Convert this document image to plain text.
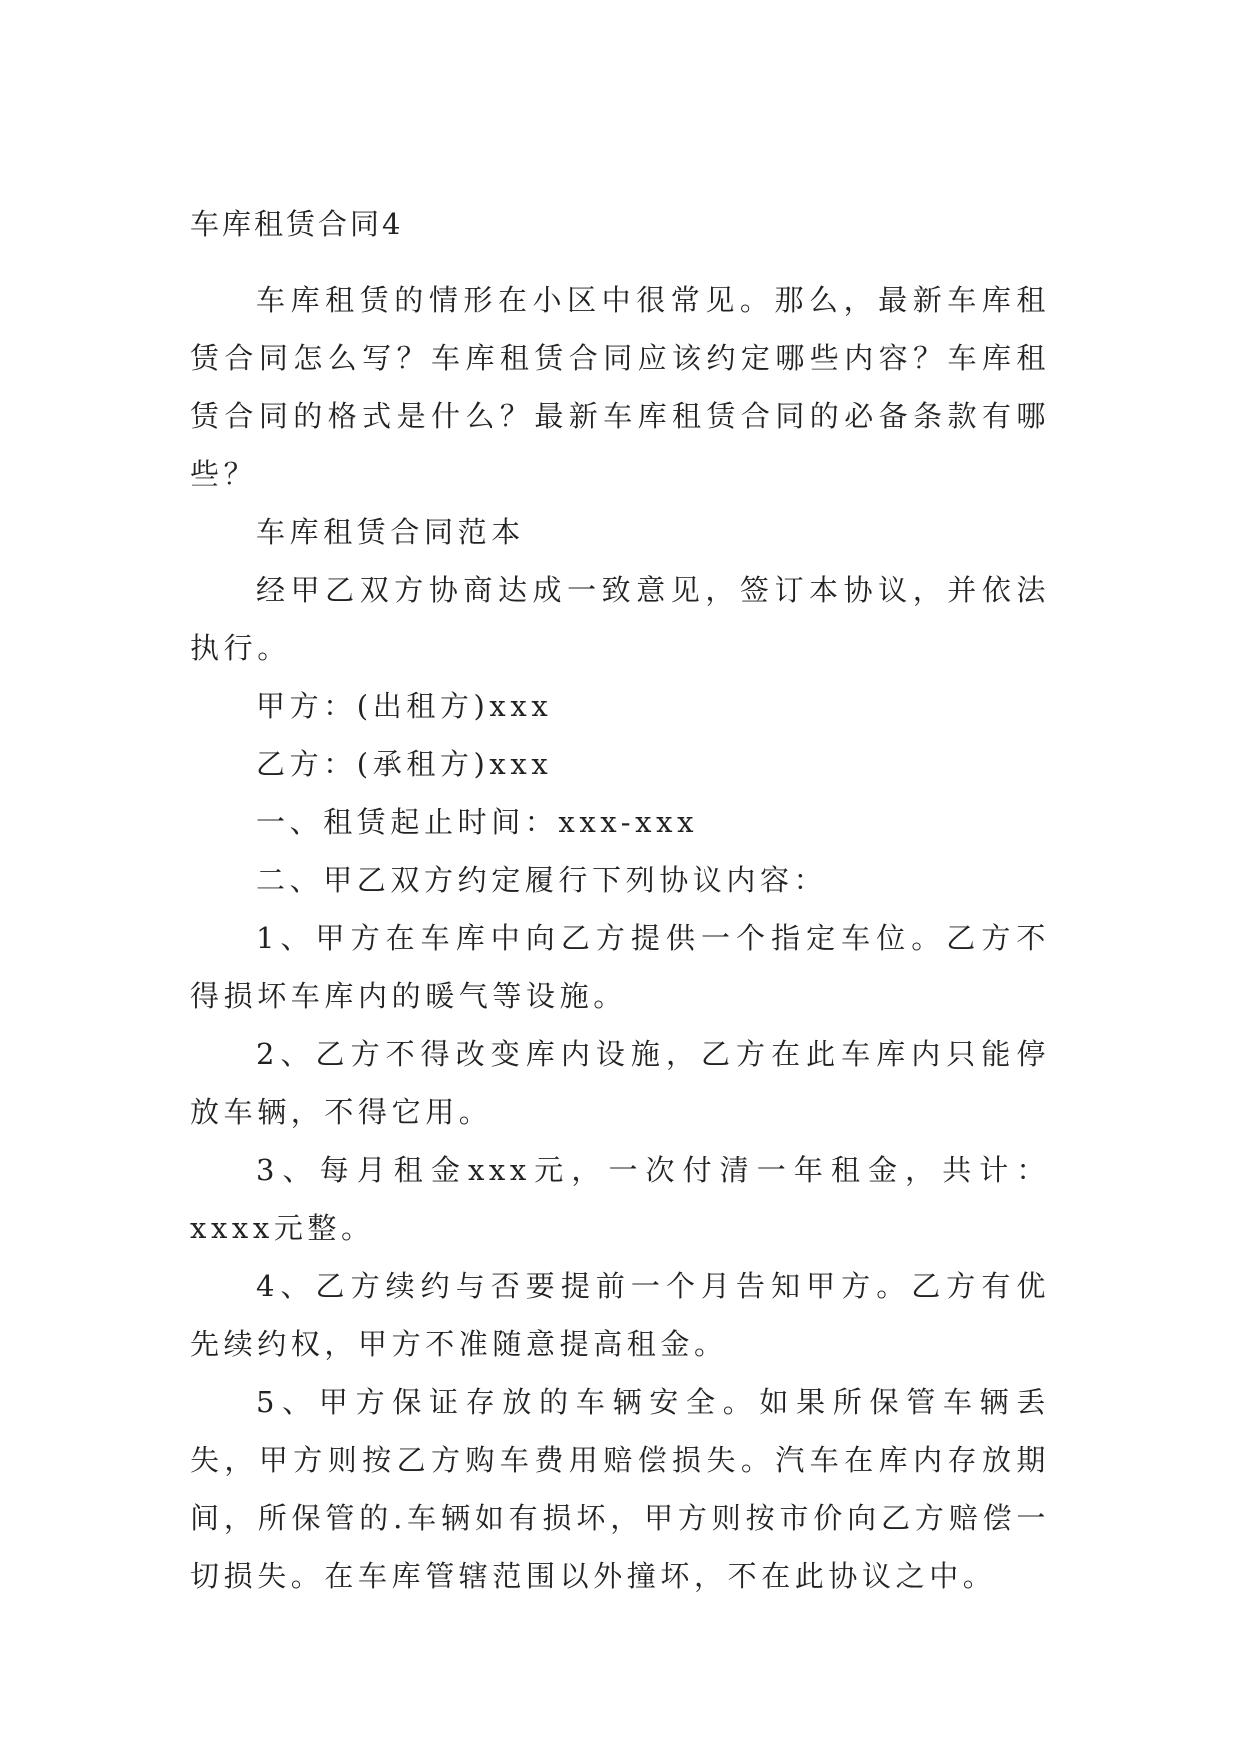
车库租赁合同4

车库租赁的情形在小区中很常见。那么，最新车库租赁合同怎么写？车库租赁合同应该约定哪些内容？车库租赁合同的格式是什么？最新车库租赁合同的必备条款有哪些？

车库租赁合同范本

经甲乙双方协商达成一致意见，签订本协议，并依法执行。

甲方：(出租方)xxx

乙方：(承租方)xxx

一、租赁起止时间：xxx-xxx

二、甲乙双方约定履行下列协议内容：

1、甲方在车库中向乙方提供一个指定车位。乙方不得损坏车库内的暖气等设施。

2、乙方不得改变库内设施，乙方在此车库内只能停放车辆，不得它用。

3、每月租金xxx元，一次付清一年租金，共计：xxxx元整。

4、乙方续约与否要提前一个月告知甲方。乙方有优先续约权，甲方不准随意提高租金。

5、甲方保证存放的车辆安全。如果所保管车辆丢失，甲方则按乙方购车费用赔偿损失。汽车在库内存放期间，所保管的.车辆如有损坏，甲方则按市价向乙方赔偿一切损失。在车库管辖范围以外撞坏，不在此协议之中。
